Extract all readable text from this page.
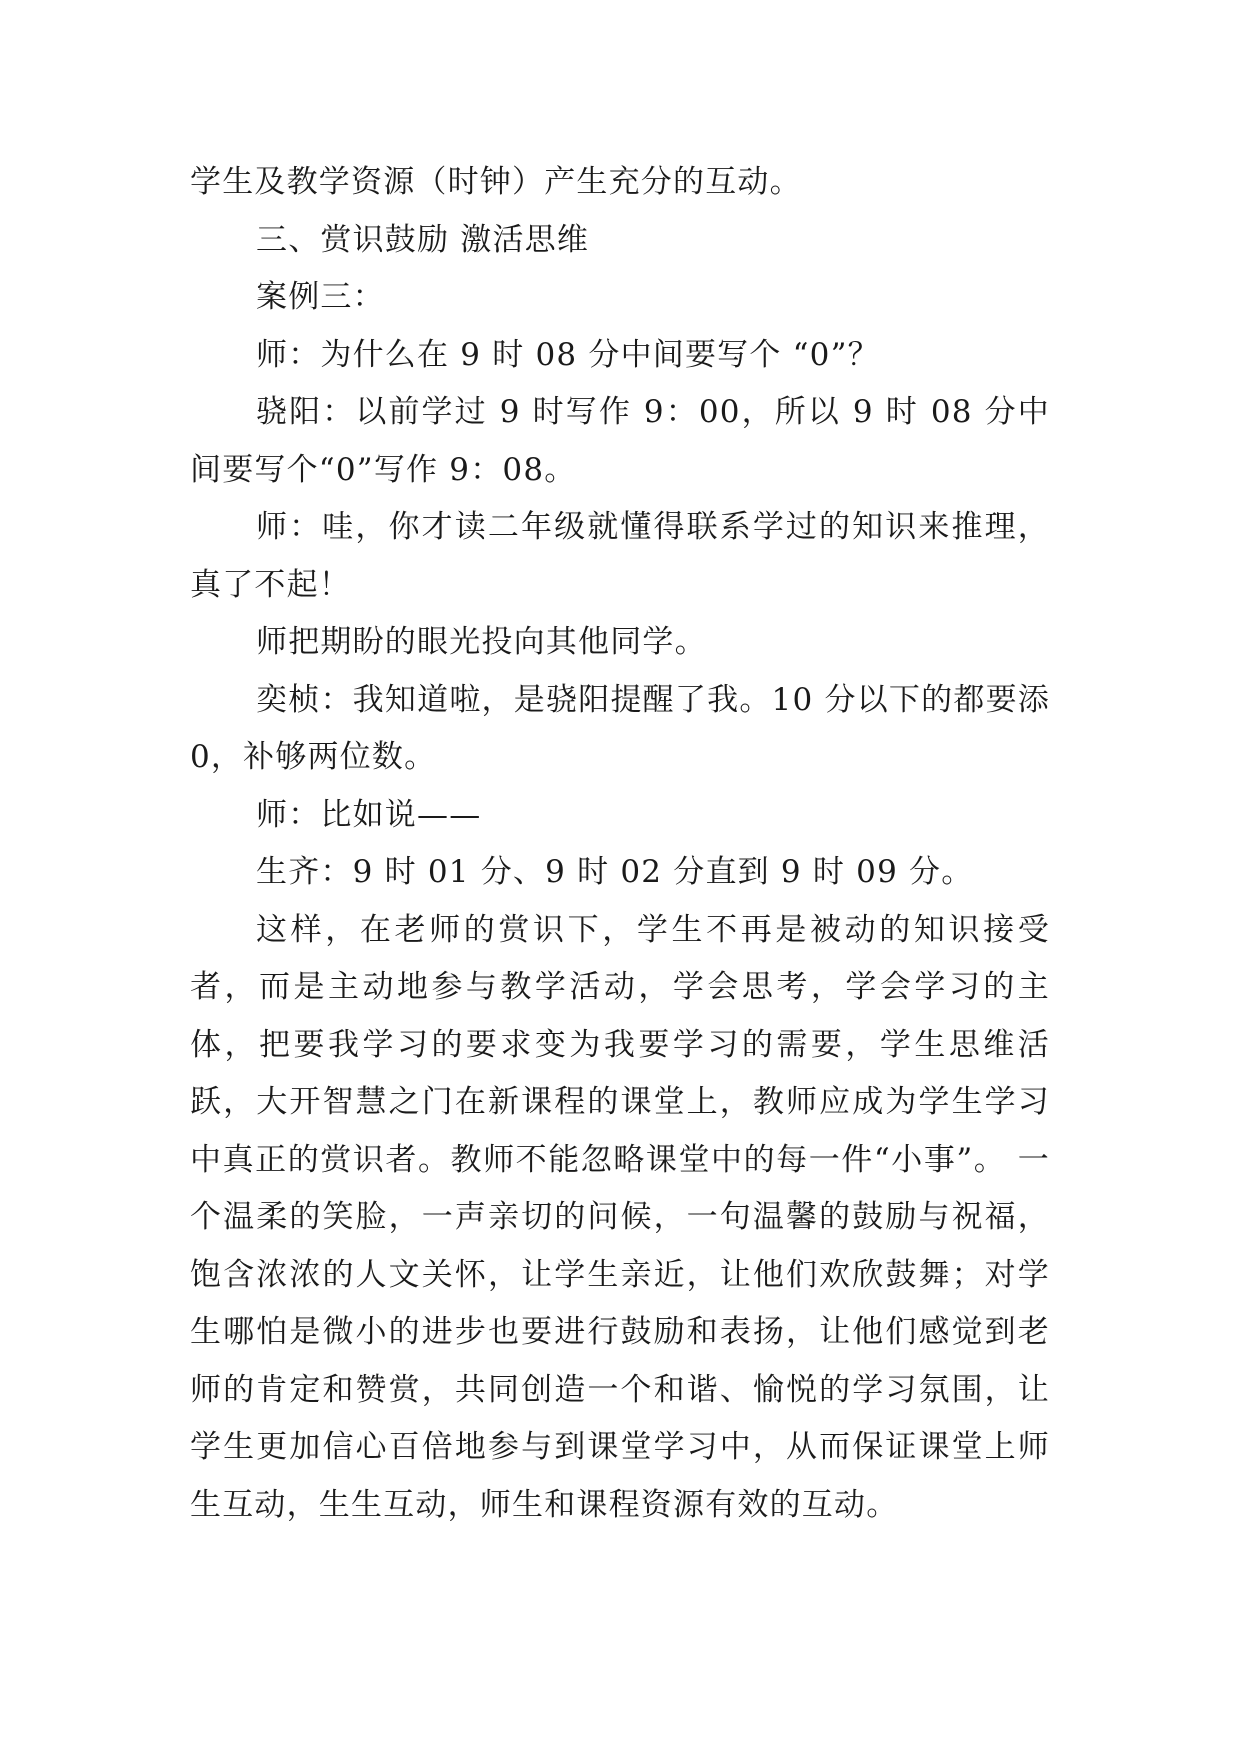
学生及教学资源（时钟）产生充分的互动。

三、赏识鼓励 激活思维

案例三：

师：为什么在 9 时 08 分中间要写个 “0”？

骁阳：以前学过 9 时写作 9：00，所以 9 时 08 分中间要写个“0”写作 9：08。

师：哇，你才读二年级就懂得联系学过的知识来推理，真了不起！

师把期盼的眼光投向其他同学。

奕桢：我知道啦，是骁阳提醒了我。10 分以下的都要添 0，补够两位数。

师：比如说——

生齐：9 时 01 分、9 时 02 分直到 9 时 09 分。

这样，在老师的赏识下，学生不再是被动的知识接受者，而是主动地参与教学活动，学会思考，学会学习的主体，把要我学习的要求变为我要学习的需要，学生思维活跃，大开智慧之门在新课程的课堂上，教师应成为学生学习中真正的赏识者。教师不能忽略课堂中的每一件“小事”。 一个温柔的笑脸，一声亲切的问候，一句温馨的鼓励与祝福，饱含浓浓的人文关怀，让学生亲近，让他们欢欣鼓舞；对学生哪怕是微小的进步也要进行鼓励和表扬，让他们感觉到老师的肯定和赞赏，共同创造一个和谐、愉悦的学习氛围，让学生更加信心百倍地参与到课堂学习中，从而保证课堂上师生互动，生生互动，师生和课程资源有效的互动。
